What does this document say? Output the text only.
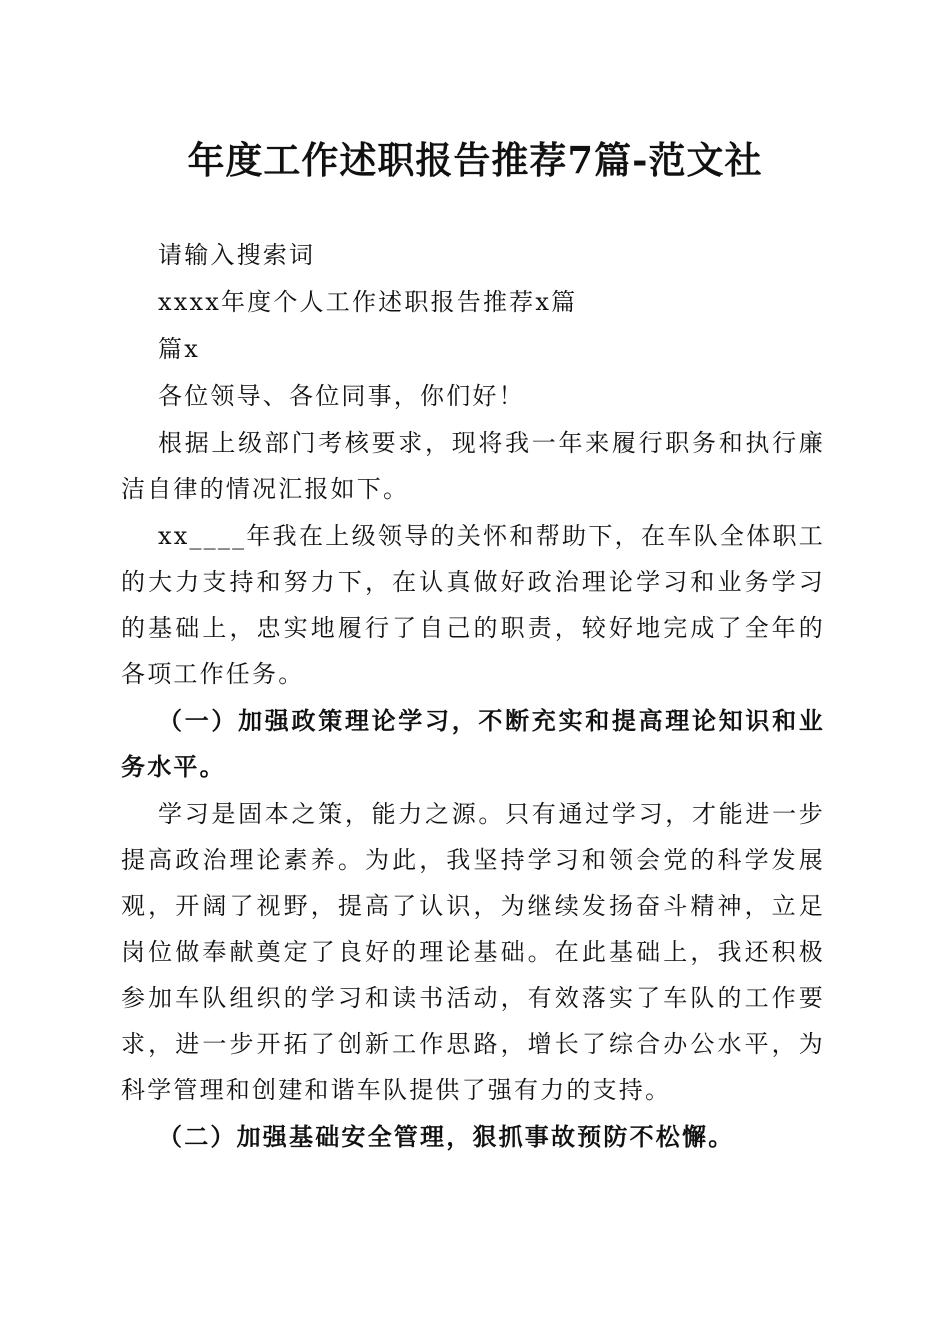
年度工作述职报告推荐7篇-范文社

请输入搜索词

xxxx年度个人工作述职报告推荐x篇

篇x

各位领导、各位同事，你们好！

根据上级部门考核要求，现将我一年来履行职务和执行廉洁自律的情况汇报如下。

xx____年我在上级领导的关怀和帮助下，在车队全体职工的大力支持和努力下，在认真做好政治理论学习和业务学习的基础上，忠实地履行了自己的职责，较好地完成了全年的各项工作任务。

（一）加强政策理论学习，不断充实和提高理论知识和业务水平。

学习是固本之策，能力之源。只有通过学习，才能进一步提高政治理论素养。为此，我坚持学习和领会党的科学发展观，开阔了视野，提高了认识，为继续发扬奋斗精神，立足岗位做奉献奠定了良好的理论基础。在此基础上，我还积极参加车队组织的学习和读书活动，有效落实了车队的工作要求，进一步开拓了创新工作思路，增长了综合办公水平，为科学管理和创建和谐车队提供了强有力的支持。

（二）加强基础安全管理，狠抓事故预防不松懈。
